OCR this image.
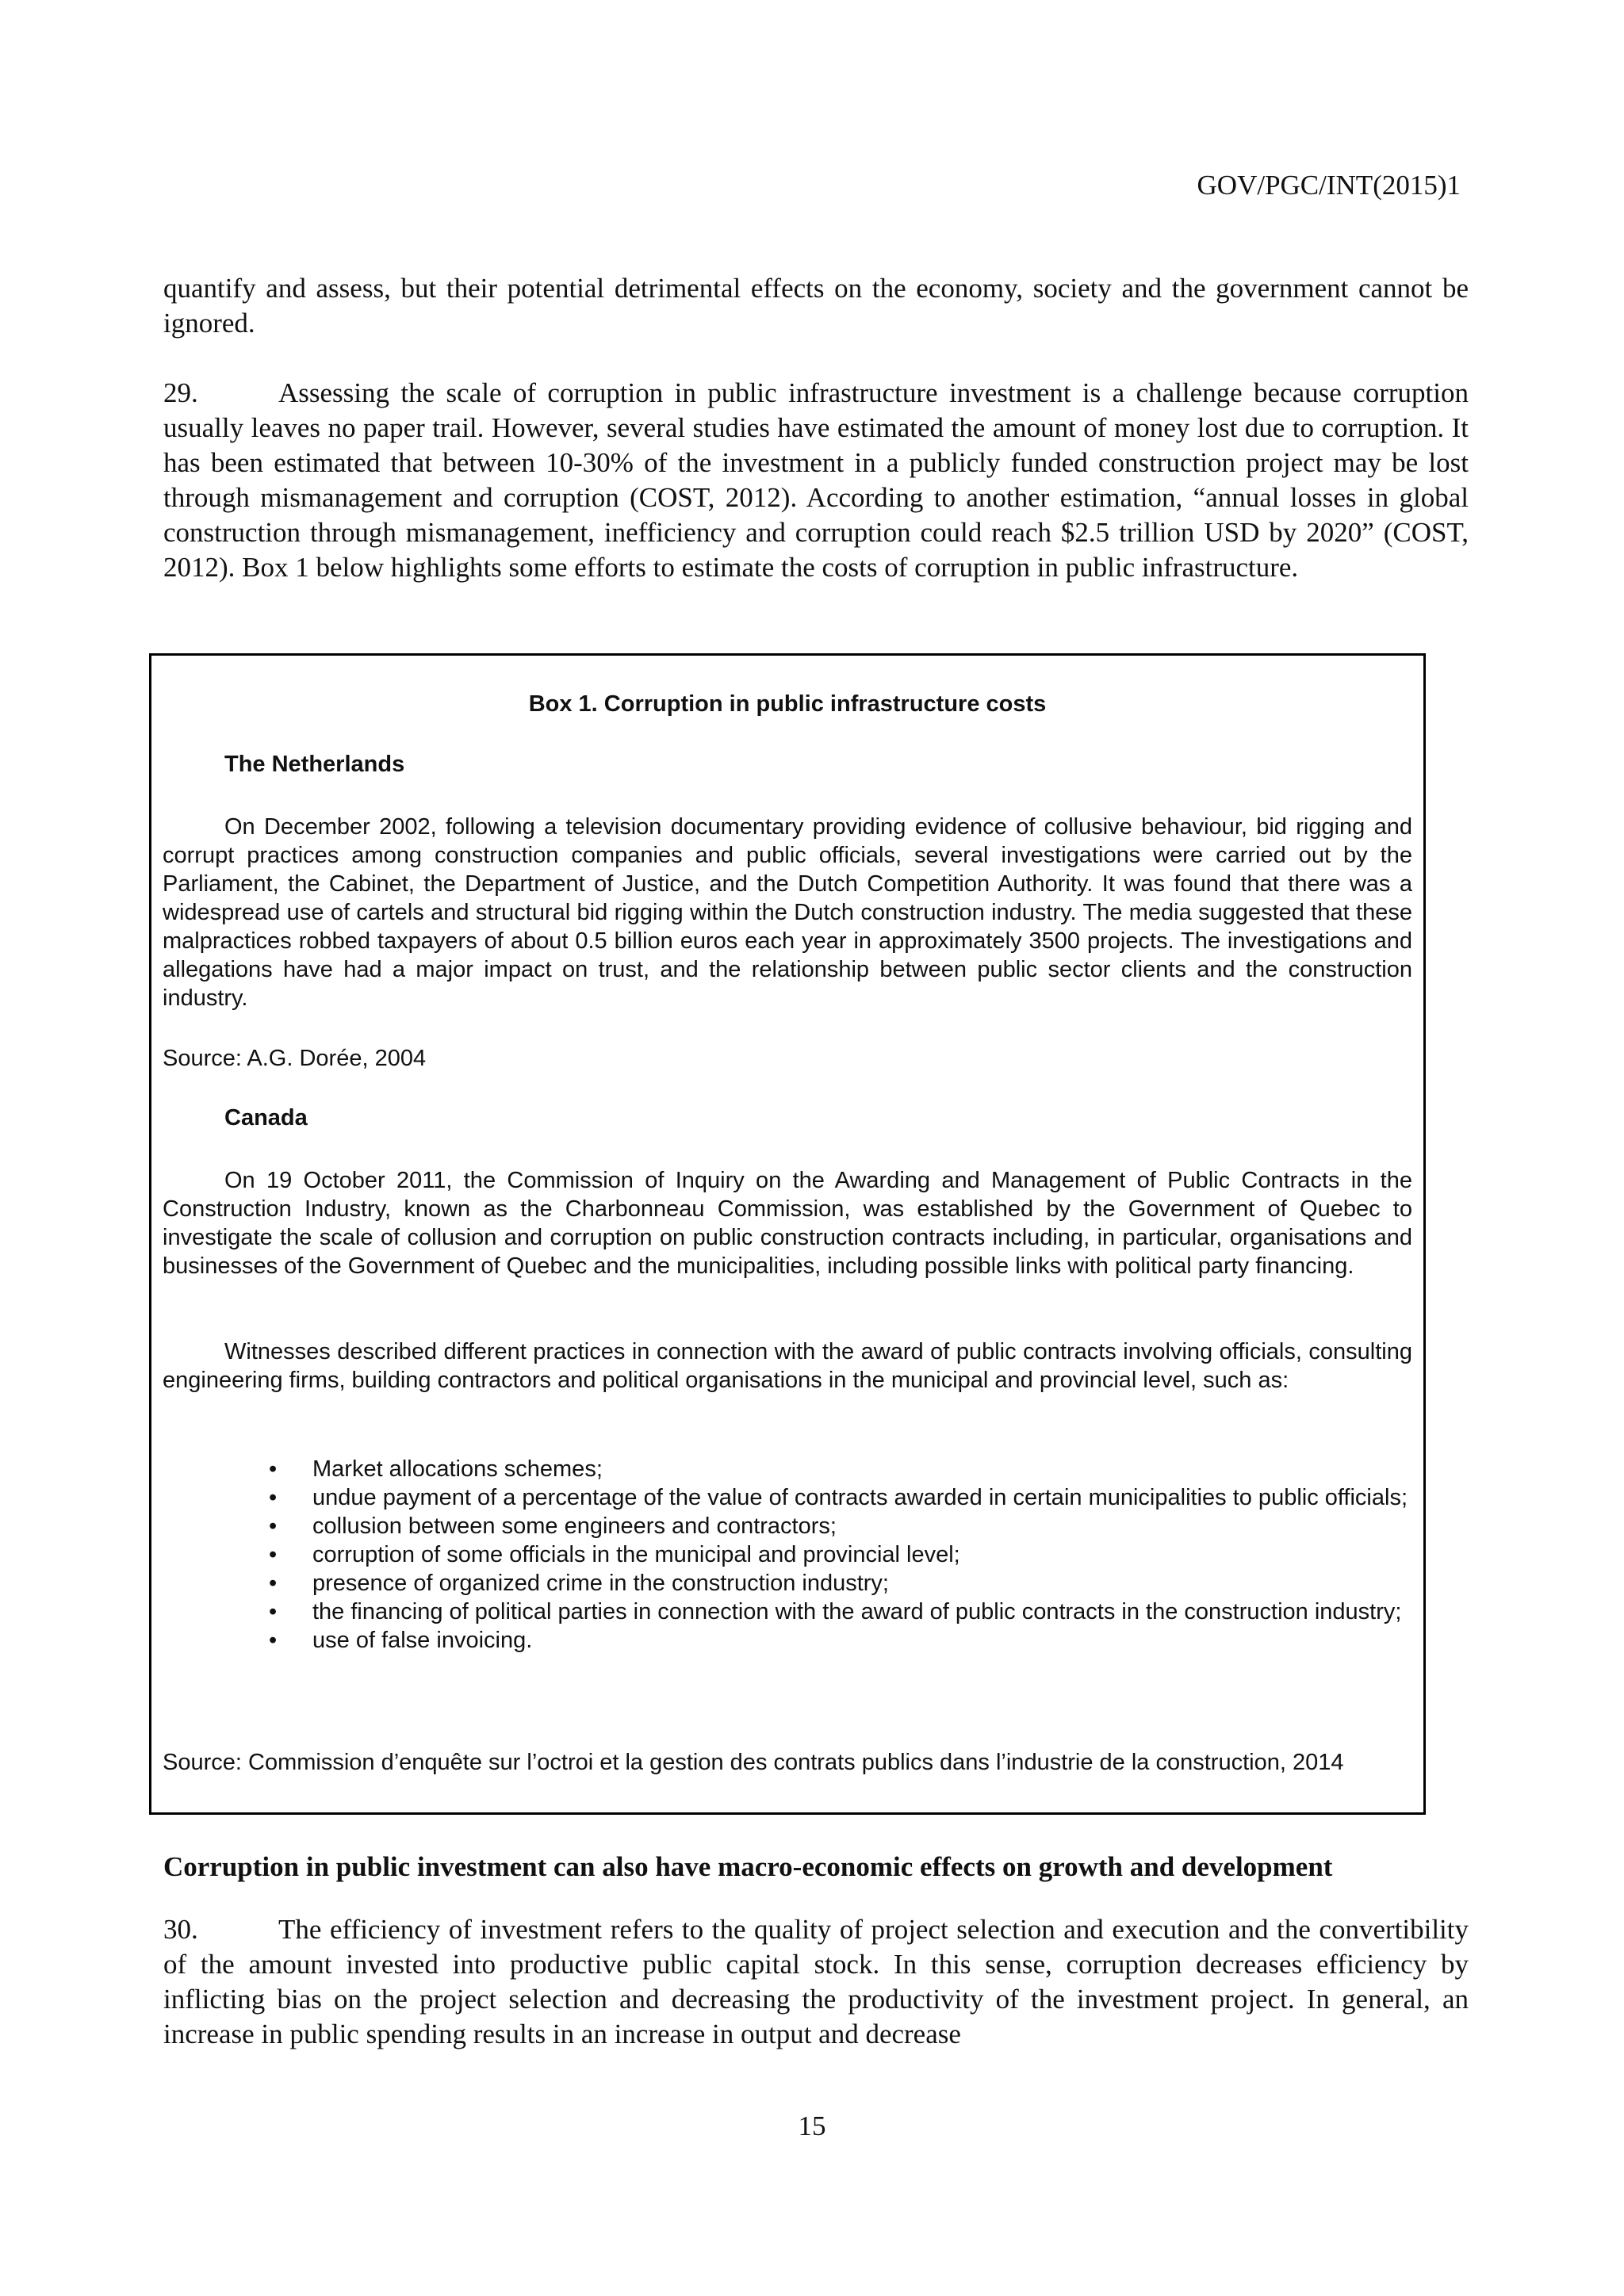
GOV/PGC/INT(2015)1

quantify and assess, but their potential detrimental effects on the economy, society and the government cannot be ignored.

29.	Assessing the scale of corruption in public infrastructure investment is a challenge because corruption usually leaves no paper trail. However, several studies have estimated the amount of money lost due to corruption. It has been estimated that between 10-30% of the investment in a publicly funded construction project may be lost through mismanagement and corruption (COST, 2012). According to another estimation, “annual losses in global construction through mismanagement, inefficiency and corruption could reach $2.5 trillion USD by 2020” (COST, 2012). Box 1 below highlights some efforts to estimate the costs of corruption in public infrastructure.

Box 1. Corruption in public infrastructure costs
The Netherlands

On December 2002, following a television documentary providing evidence of collusive behaviour, bid rigging and corrupt practices among construction companies and public officials, several investigations were carried out by the Parliament, the Cabinet, the Department of Justice, and the Dutch Competition Authority. It was found that there was a widespread use of cartels and structural bid rigging within the Dutch construction industry. The media suggested that these malpractices robbed taxpayers of about 0.5 billion euros each year in approximately 3500 projects. The investigations and allegations have had a major impact on trust, and the relationship between public sector clients and the construction industry.

Source: A.G. Dorée, 2004
Canada

On 19 October 2011, the Commission of Inquiry on the Awarding and Management of Public Contracts in the Construction Industry, known as the Charbonneau Commission, was established by the Government of Quebec to investigate the scale of collusion and corruption on public construction contracts including, in particular, organisations and businesses of the Government of Quebec and the municipalities, including possible links with political party financing.

Witnesses described different practices in connection with the award of public contracts involving officials, consulting engineering firms, building contractors and political organisations in the municipal and provincial level, such as:

• Market allocations schemes;
• undue payment of a percentage of the value of contracts awarded in certain municipalities to public officials;
• collusion between some engineers and contractors;
• corruption of some officials in the municipal and provincial level;
• presence of organized crime in the construction industry;
• the financing of political parties in connection with the award of public contracts in the construction industry;
• use of false invoicing.

Source: Commission d’enquête sur l’octroi et la gestion des contrats publics dans l’industrie de la construction, 2014

Corruption in public investment can also have macro-economic effects on growth and development

30.	The efficiency of investment refers to the quality of project selection and execution and the convertibility of the amount invested into productive public capital stock. In this sense, corruption decreases efficiency by inflicting bias on the project selection and decreasing the productivity of the investment project. In general, an increase in public spending results in an increase in output and decrease

15
